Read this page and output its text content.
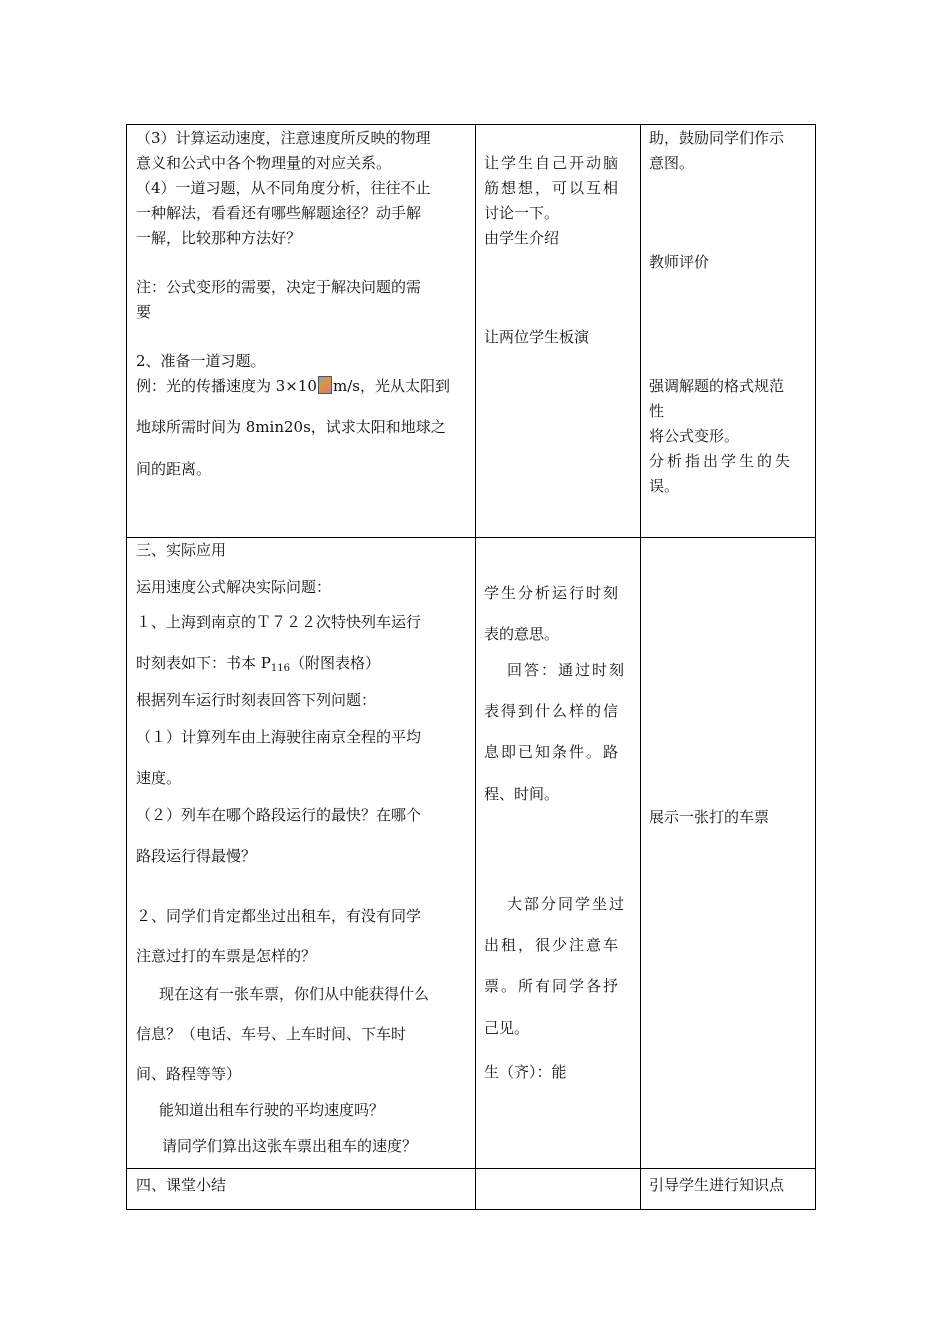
（3）计算运动速度，注意速度所反映的物理
意义和公式中各个物理量的对应关系。
（4）一道习题，从不同角度分析，往往不止
一种解法，看看还有哪些解题途径？动手解
一解，比较那种方法好？
注：公式变形的需要，决定于解决问题的需
要
2、准备一道习题。
例：光的传播速度为 3×10 m/s，光从太阳到
地球所需时间为 8min20s，试求太阳和地球之
间的距离。
让学生自己开动脑
筋想想，可以互相
讨论一下。
由学生介绍
让两位学生板演
助，鼓励同学们作示
意图。
教师评价
强调解题的格式规范
性
将公式变形。
分析指出学生的失
误。
三、实际应用
运用速度公式解决实际问题：
１、上海到南京的Ｔ７２２次特快列车运行
时刻表如下：书本 $P_{116}$（附图表格）
根据列车运行时刻表回答下列问题：
（１）计算列车由上海驶往南京全程的平均
速度。
（２）列车在哪个路段运行的最快？在哪个
路段运行得最慢？
２、同学们肯定都坐过出租车，有没有同学
注意过打的车票是怎样的？
现在这有一张车票，你们从中能获得什么
信息？（电话、车号、上车时间、下车时
间、路程等等）
能知道出租车行驶的平均速度吗？
请同学们算出这张车票出租车的速度？
学生分析运行时刻
表的意思。
回答：通过时刻
表得到什么样的信
息即已知条件。路
程、时间。
大部分同学坐过
出租，很少注意车
票。所有同学各抒
己见。
生（齐）：能
展示一张打的车票
四、课堂小结	引导学生进行知识点
